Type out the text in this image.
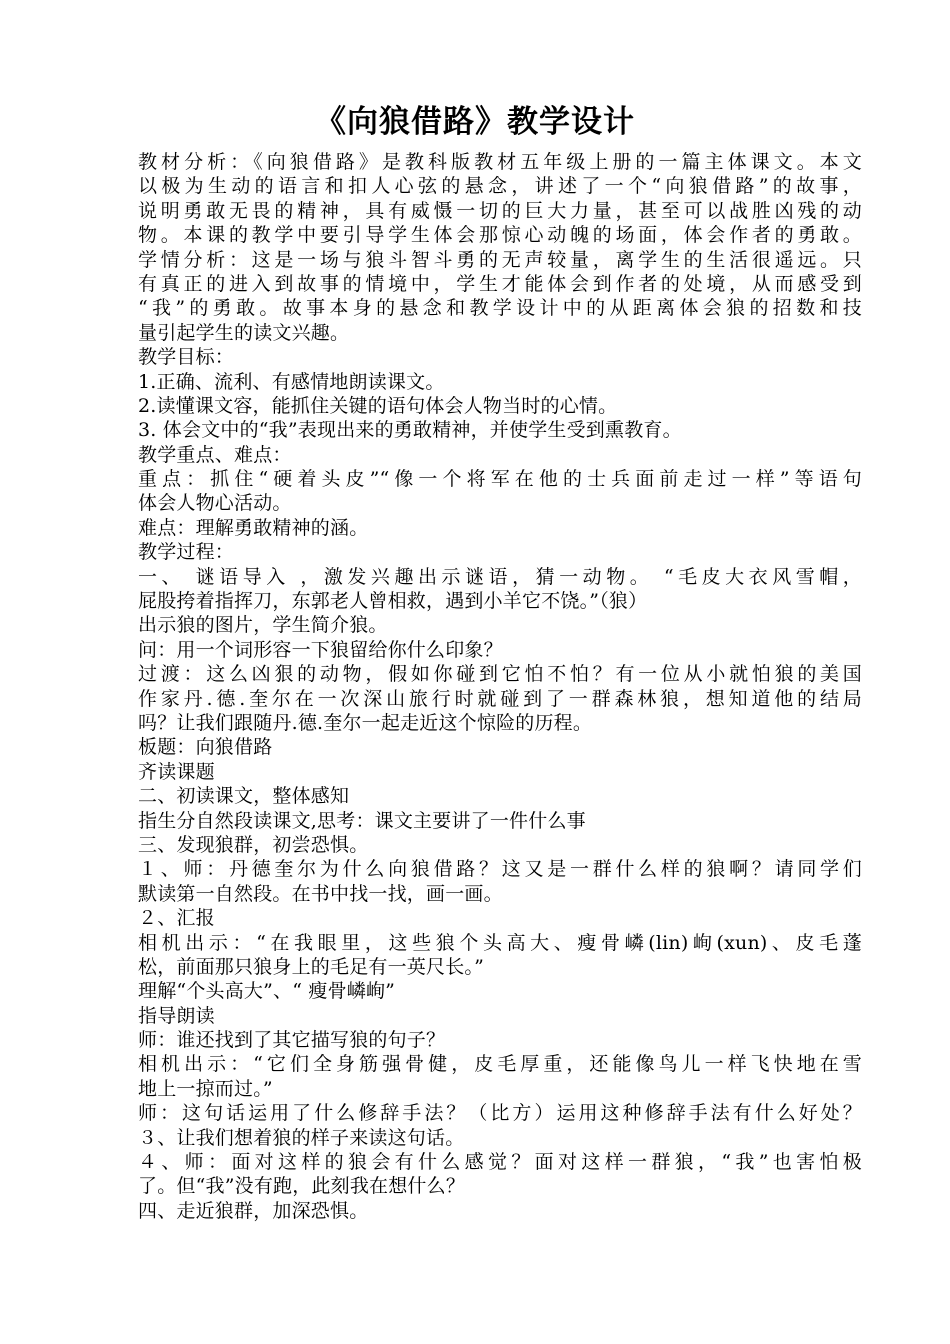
《向狼借路》教学设计
教材分析：《向狼借路》是教科版教材五年级上册的一篇主体课文。本文
以极为生动的语言和扣人心弦的悬念，讲述了一个“向狼借路”的故事，
说明勇敢无畏的精神，具有威慑一切的巨大力量，甚至可以战胜凶残的动
物。本课的教学中要引导学生体会那惊心动魄的场面，体会作者的勇敢。
学情分析：这是一场与狼斗智斗勇的无声较量，离学生的生活很遥远。只
有真正的进入到故事的情境中，学生才能体会到作者的处境，从而感受到
“我”的勇敢。故事本身的悬念和教学设计中的从距离体会狼的招数和技
量引起学生的读文兴趣。
教学目标：
1.正确、流利、有感情地朗读课文。
2.读懂课文容，能抓住关键的语句体会人物当时的心情。
3. 体会文中的“我”表现出来的勇敢精神，并使学生受到熏教育。
教学重点、难点：
重点：抓住“硬着头皮”“像一个将军在他的士兵面前走过一样”等语句
体会人物心活动。
难点：理解勇敢精神的涵。
教学过程：
一、 谜语导入 ，激发兴趣出示谜语，猜一动物。 “毛皮大衣风雪帽，
屁股挎着指挥刀，东郭老人曾相救，遇到小羊它不饶。”（狼）
出示狼的图片，学生简介狼。
问：用一个词形容一下狼留给你什么印象？
过渡：这么凶狠的动物，假如你碰到它怕不怕？有一位从小就怕狼的美国
作家丹.德.奎尔在一次深山旅行时就碰到了一群森林狼，想知道他的结局
吗？让我们跟随丹.德.奎尔一起走近这个惊险的历程。
板题：向狼借路
齐读课题
二、初读课文，整体感知
指生分自然段读课文,思考：课文主要讲了一件什么事
三、发现狼群，初尝恐惧。
１、师：丹德奎尔为什么向狼借路？这又是一群什么样的狼啊？请同学们
默读第一自然段。在书中找一找，画一画。
２、汇报
相机出示：“在我眼里，这些狼个头高大、瘦骨嶙(lin)峋(xun)、皮毛蓬
松，前面那只狼身上的毛足有一英尺长。”
理解“个头高大”、“ 瘦骨嶙峋”
指导朗读
师：谁还找到了其它描写狼的句子？
相机出示：“它们全身筋强骨健，皮毛厚重，还能像鸟儿一样飞快地在雪
地上一掠而过。”
师：这句话运用了什么修辞手法？（比方）运用这种修辞手法有什么好处？
３、让我们想着狼的样子来读这句话。
４、师：面对这样的狼会有什么感觉？面对这样一群狼，“我”也害怕极
了。但“我”没有跑，此刻我在想什么？
四、走近狼群，加深恐惧。
